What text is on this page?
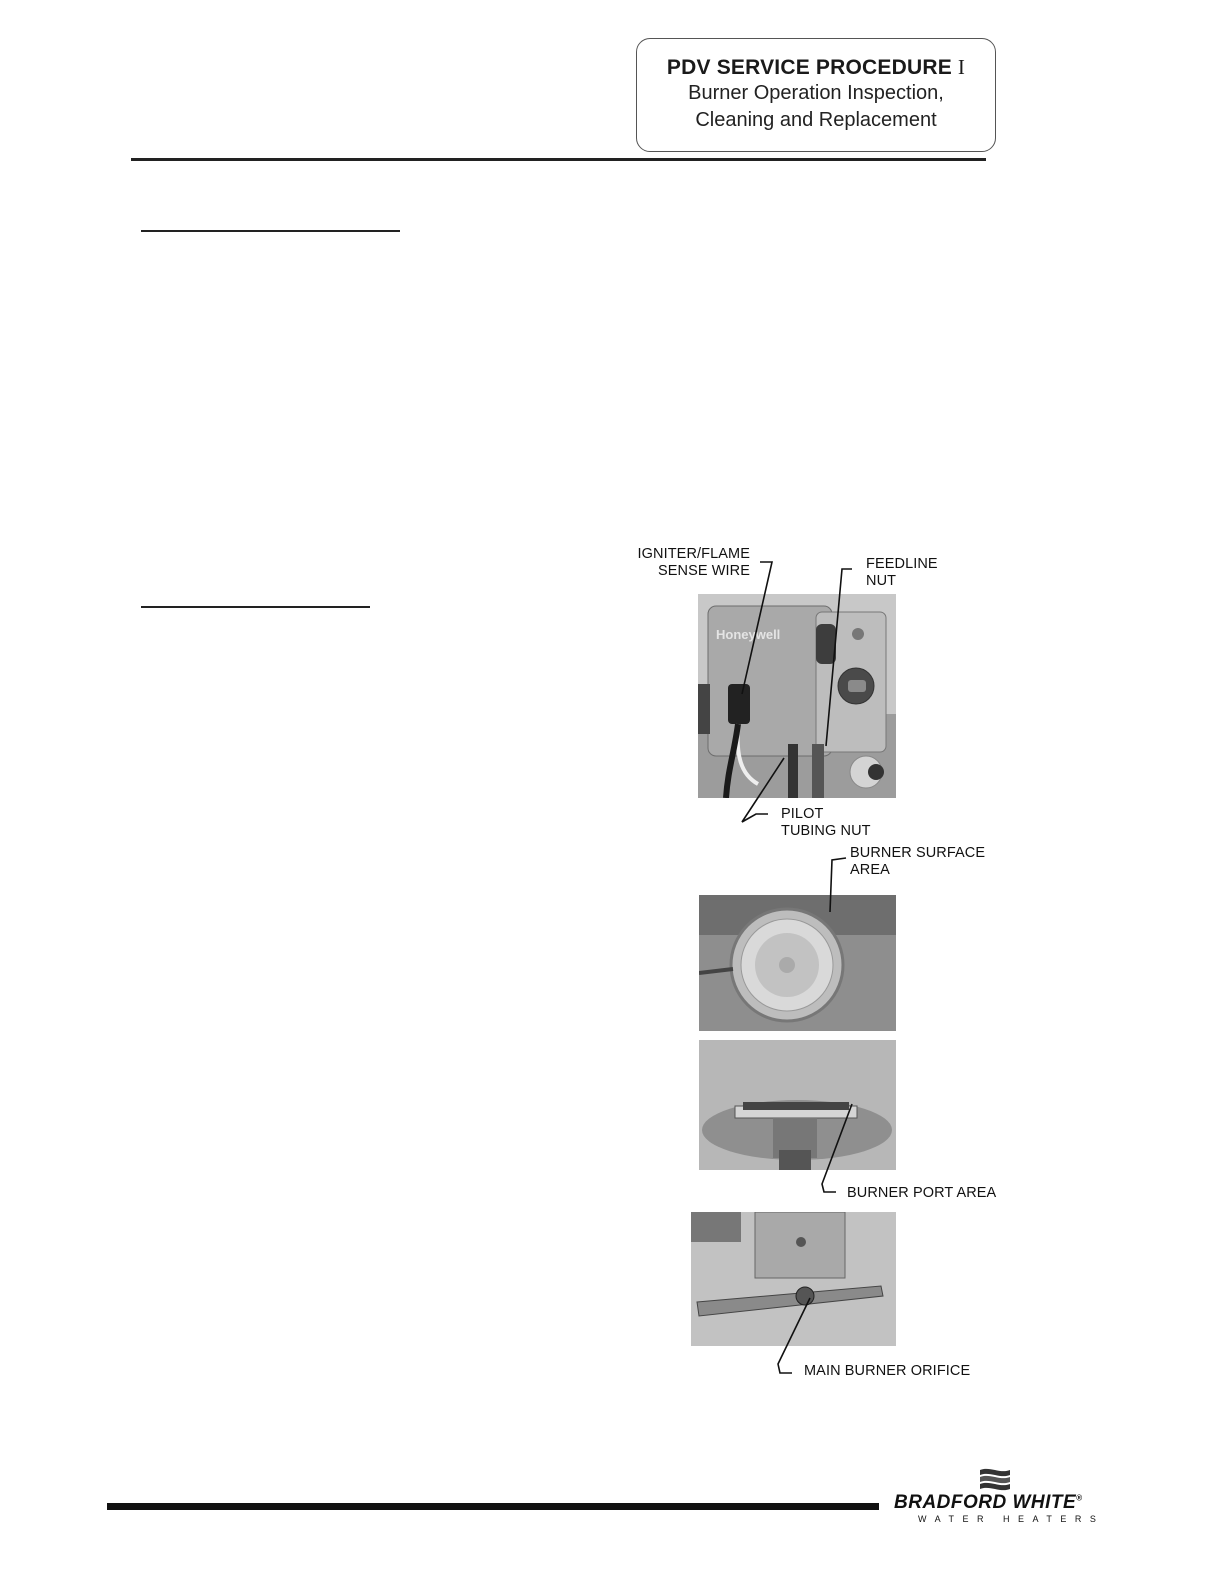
PDV SERVICE PROCEDURE I
Burner Operation Inspection,
Cleaning and Replacement
Honeywell
IGNITER/FLAME
SENSE WIRE	FEEDLINE
NUT
PILOT
TUBING NUT
BURNER SURFACE
AREA
BURNER PORT AREA
MAIN BURNER ORIFICE
BRADFORD WHITE®
WATER HEATERS
